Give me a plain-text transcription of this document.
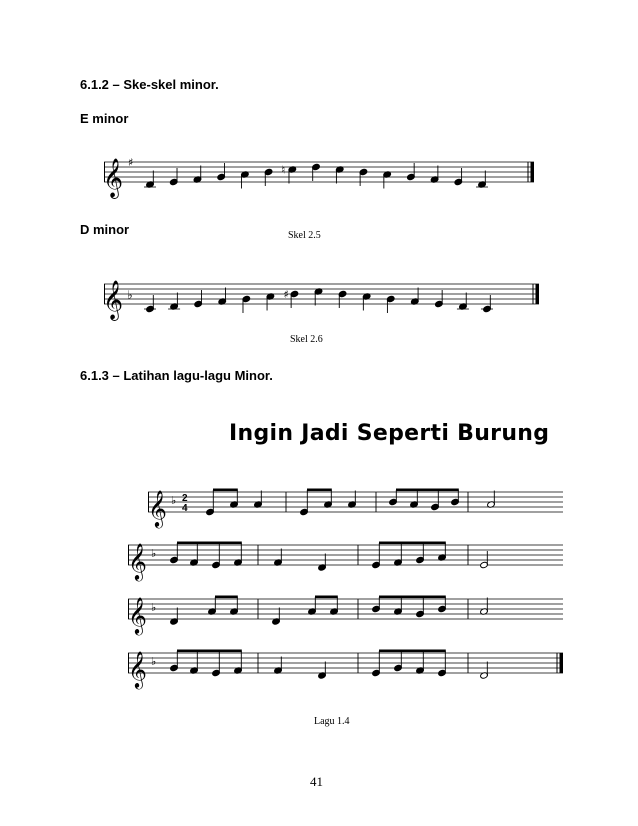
6.1.2 – Ske-skel minor.
E minor
𝄞 ♯
♮
D minor	Skel 2.5
𝄞 ♭	♯
Skel 2.6
6.1.3 – Latihan lagu-lagu Minor.
Ingin Jadi Seperti Burung
𝄞 ♭ 2
4
𝄞 ♭
𝄞 ♭
𝄞 ♭
Lagu 1.4
41
